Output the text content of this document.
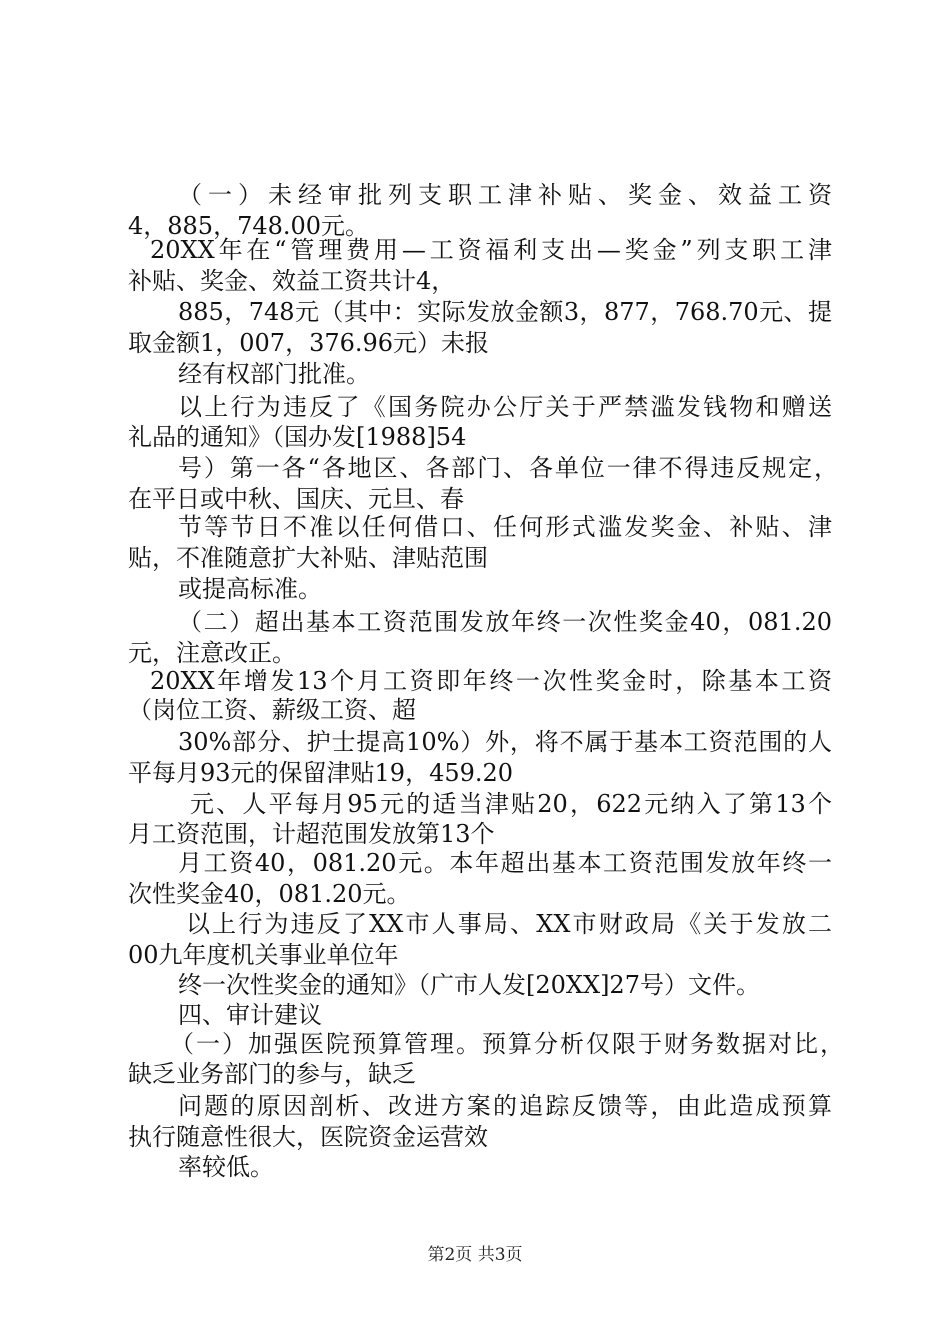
（一）未经审批列支职工津补贴、奖金、效益工资
4，885，748.00元。
20XX年在“管理费用—工资福利支出—奖金”列支职工津
补贴、奖金、效益工资共计4，
885，748元（其中：实际发放金额3，877，768.70元、提
取金额1，007，376.96元）未报
经有权部门批准。
以上行为违反了《国务院办公厅关于严禁滥发钱物和赠送
礼品的通知》（国办发[1988]54
号）第一各“各地区、各部门、各单位一律不得违反规定，
在平日或中秋、国庆、元旦、春
节等节日不准以任何借口、任何形式滥发奖金、补贴、津
贴，不准随意扩大补贴、津贴范围
或提高标准。
（二）超出基本工资范围发放年终一次性奖金40，081.20
元，注意改正。
20XX年增发13个月工资即年终一次性奖金时，除基本工资
（岗位工资、薪级工资、超
30%部分、护士提高10%）外，将不属于基本工资范围的人
平每月93元的保留津贴19，459.20
元、人平每月95元的适当津贴20，622元纳入了第13个
月工资范围，计超范围发放第13个
月工资40，081.20元。本年超出基本工资范围发放年终一
次性奖金40，081.20元。
以上行为违反了XX市人事局、XX市财政局《关于发放二
00九年度机关事业单位年
终一次性奖金的通知》（广市人发[20XX]27号）文件。
四、审计建议
（一）加强医院预算管理。预算分析仅限于财务数据对比，
缺乏业务部门的参与，缺乏
问题的原因剖析、改进方案的追踪反馈等，由此造成预算
执行随意性很大，医院资金运营效
率较低。
第2页 共3页
